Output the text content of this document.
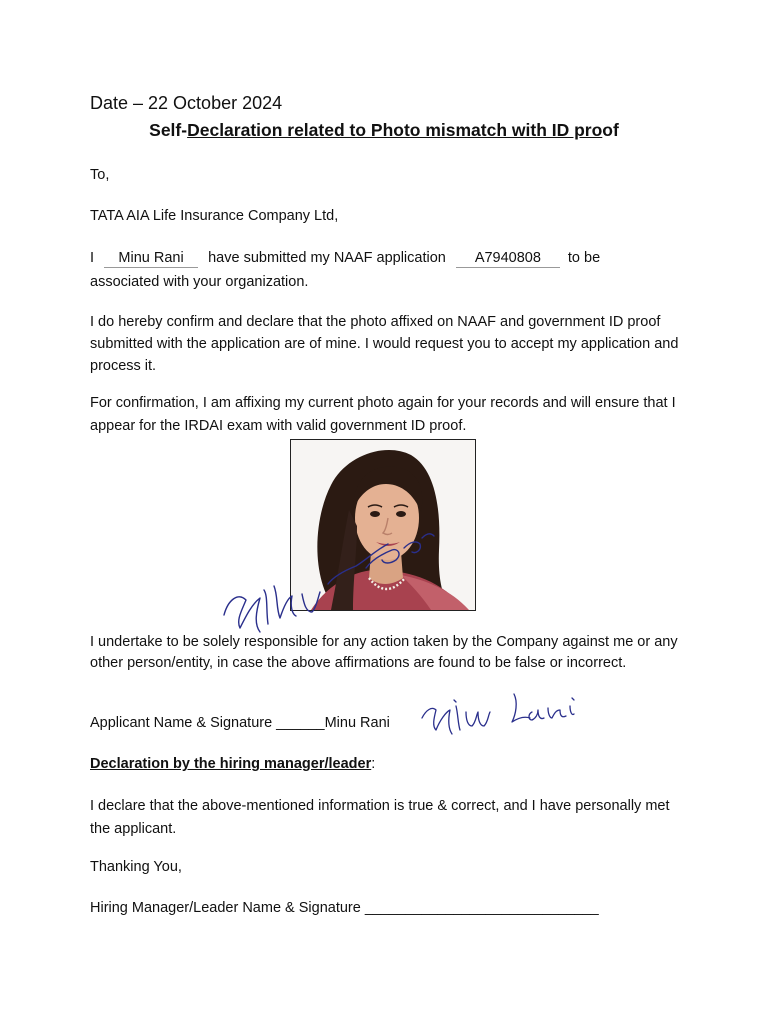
Date – 22 October 2024
Self-Declaration related to Photo mismatch with ID proof
To,
TATA AIA Life Insurance Company Ltd,
I Minu Rani have submitted my NAAF application A7940808 to be
associated with your organization.
I do hereby confirm and declare that the photo affixed on NAAF and government ID proof submitted with the application are of mine. I would request you to accept my application and process it.
For confirmation, I am affixing my current photo again for your records and will ensure that I appear for the IRDAI exam with valid government ID proof.
I undertake to be solely responsible for any action taken by the Company against me or any other person/entity, in case the above affirmations are found to be false or incorrect.
Applicant Name & Signature ______Minu Rani
Declaration by the hiring manager/leader:
I declare that the above-mentioned information is true & correct, and I have personally met the applicant.
Thanking You,
Hiring Manager/Leader Name & Signature _____________________________
